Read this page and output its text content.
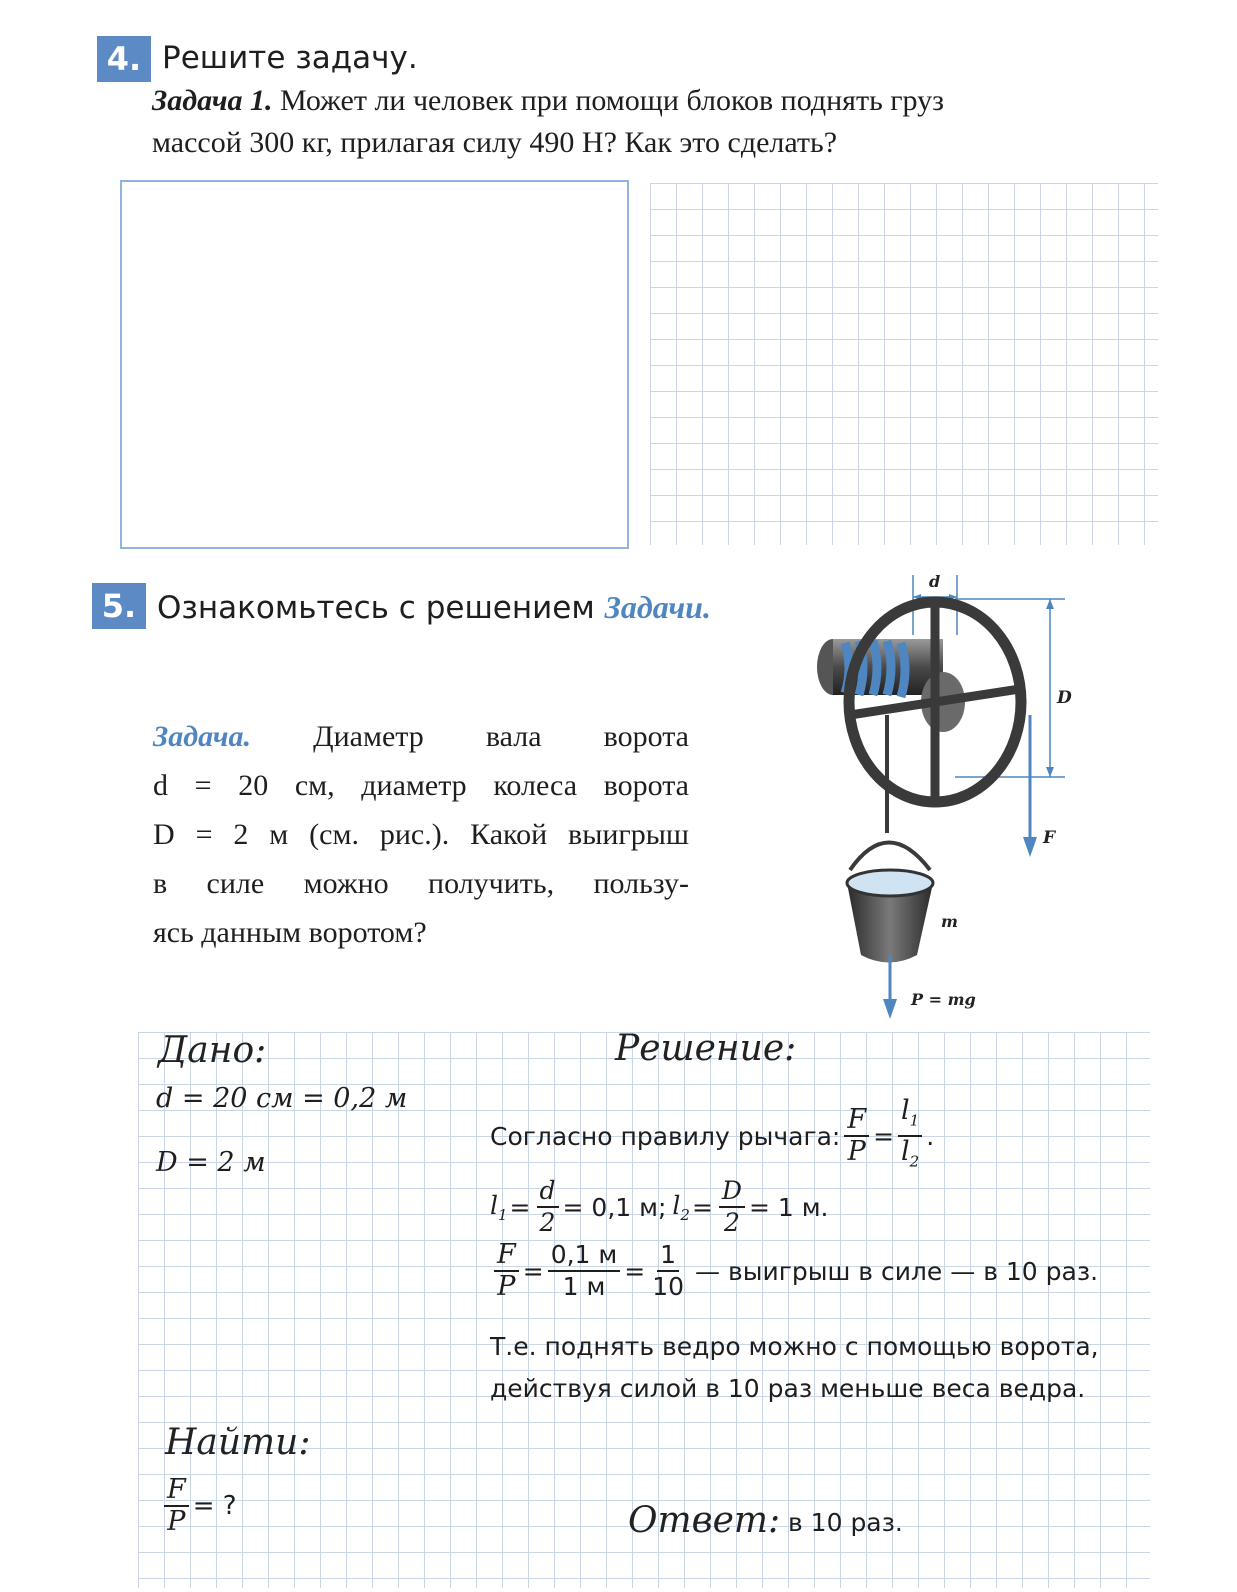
4. Решите задачу.
Задача 1. Может ли человек при помощи блоков поднять груз
массой 300 кг, прилагая силу 490 Н? Как это сделать?
5. Ознакомьтесь с решением Задачи.
Задача. Диаметр вала ворота
d = 20 см, диаметр колеса ворота
D = 2 м (см. рис.). Какой выигрыш
в силе можно получить, пользу-
ясь данным воротом?
d
D
l₂
l₁
F
m
P = mg
Дано:
d = 20 см = 0,2 м
D = 2 м
Найти:
$\frac{F}{P}$ = ?
Решение:
Согласно правилу рычага: $\frac{F}{P} = \frac{l_1}{l_2}$ .
$l_1 = \frac{d}{2} = 0,1$ м; $l_2 = \frac{D}{2} = 1$ м.
$\frac{F}{P} = \frac{0,1 м}{1 м} = \frac{1}{10}$ — выигрыш в силе — в 10 раз.
Т.е. поднять ведро можно с помощью ворота,
действуя силой в 10 раз меньше веса ведра.
Ответ: в 10 раз.
